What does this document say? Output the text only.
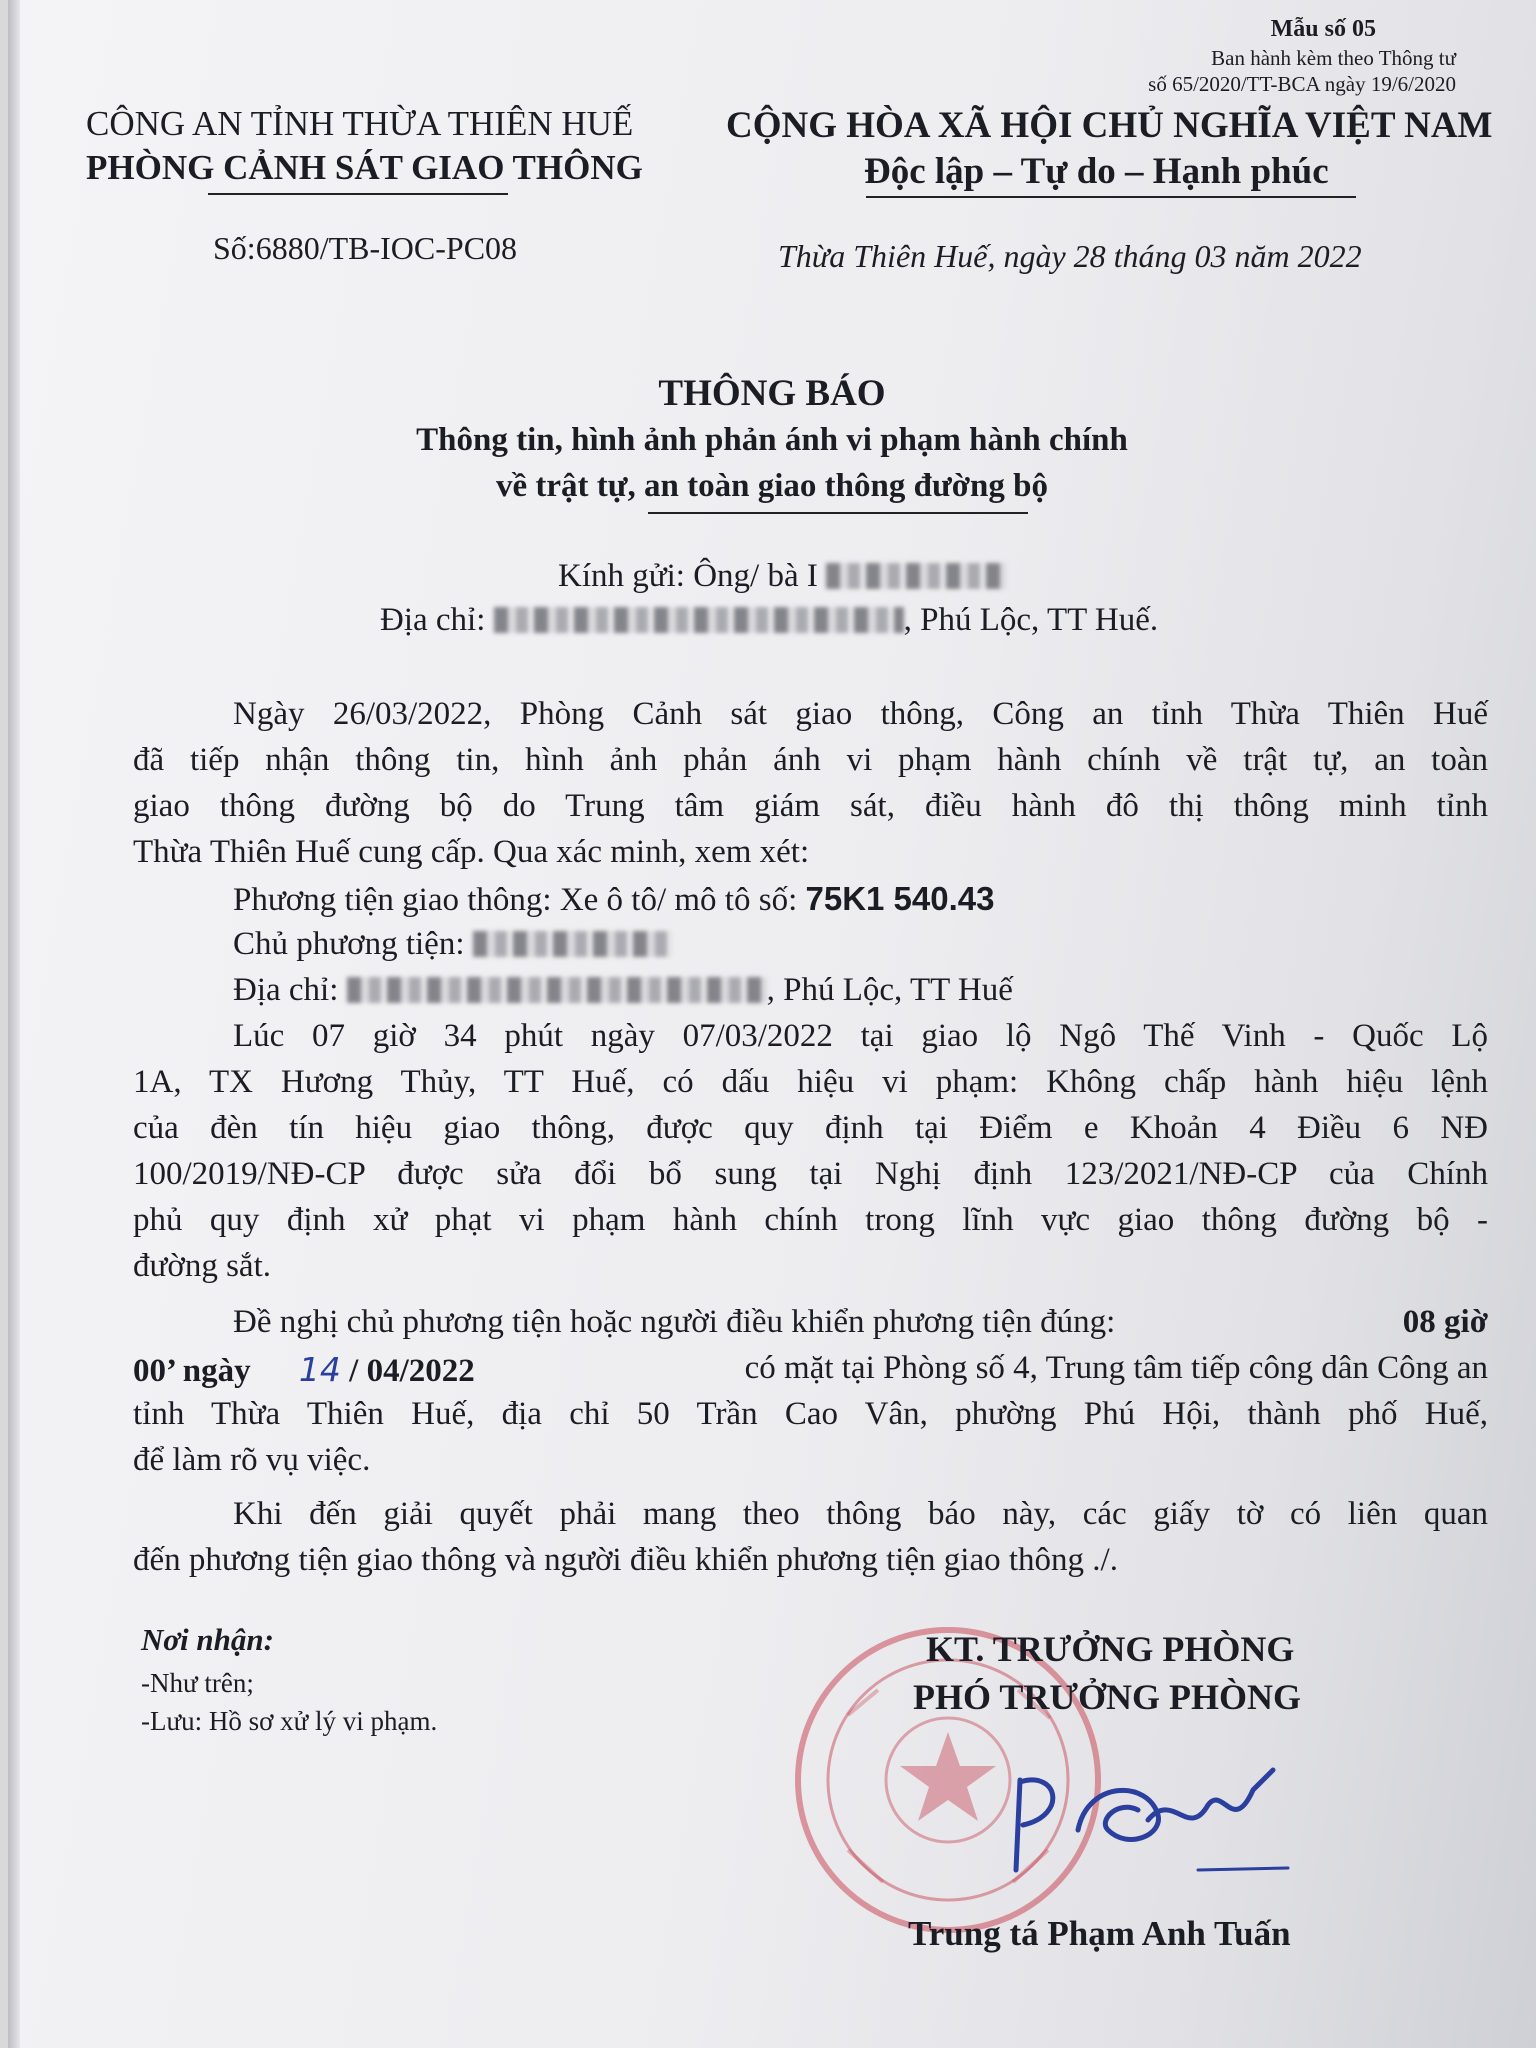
Mẫu số 05
Ban hành kèm theo Thông tư
số 65/2020/TT-BCA ngày 19/6/2020
CÔNG AN TỈNH THỪA THIÊN HUẾ
PHÒNG CẢNH SÁT GIAO THÔNG
CỘNG HÒA XÃ HỘI CHỦ NGHĨA VIỆT NAM
Độc lập – Tự do – Hạnh phúc
Số:6880/TB-IOC-PC08	Thừa Thiên Huế, ngày 28 tháng 03 năm 2022
THÔNG BÁO
Thông tin, hình ảnh phản ánh vi phạm hành chính
về trật tự, an toàn giao thông đường bộ
Kính gửi: Ông/ bà I
Địa chỉ:	, Phú Lộc, TT Huế.
Ngày 26/03/2022, Phòng Cảnh sát giao thông, Công an tỉnh Thừa Thiên Huế
đã tiếp nhận thông tin, hình ảnh phản ánh vi phạm hành chính về trật tự, an toàn
giao thông đường bộ do Trung tâm giám sát, điều hành đô thị thông minh tỉnh
Thừa Thiên Huế cung cấp. Qua xác minh, xem xét:
Phương tiện giao thông: Xe ô tô/ mô tô số: 75K1 540.43
Chủ phương tiện:
Địa chỉ:	, Phú Lộc, TT Huế
Lúc 07 giờ 34 phút ngày 07/03/2022 tại giao lộ Ngô Thế Vinh - Quốc Lộ
1A, TX Hương Thủy, TT Huế, có dấu hiệu vi phạm: Không chấp hành hiệu lệnh
của đèn tín hiệu giao thông, được quy định tại Điểm e Khoản 4 Điều 6 NĐ
100/2019/NĐ-CP được sửa đổi bổ sung tại Nghị định 123/2021/NĐ-CP của Chính
phủ quy định xử phạt vi phạm hành chính trong lĩnh vực giao thông đường bộ -
đường sắt.
Đề nghị chủ phương tiện hoặc người điều khiển phương tiện đúng:	08 giờ
00’ ngày 14 / 04/2022	có mặt tại Phòng số 4, Trung tâm tiếp công dân Công an
tỉnh Thừa Thiên Huế, địa chỉ 50 Trần Cao Vân, phường Phú Hội, thành phố Huế,
để làm rõ vụ việc.
Khi đến giải quyết phải mang theo thông báo này, các giấy tờ có liên quan
đến phương tiện giao thông và người điều khiển phương tiện giao thông ./.
Nơi nhận:
-Như trên;
-Lưu: Hồ sơ xử lý vi phạm.
KT. TRƯỞNG PHÒNG
PHÓ TRƯỞNG PHÒNG
Trung tá Phạm Anh Tuấn
